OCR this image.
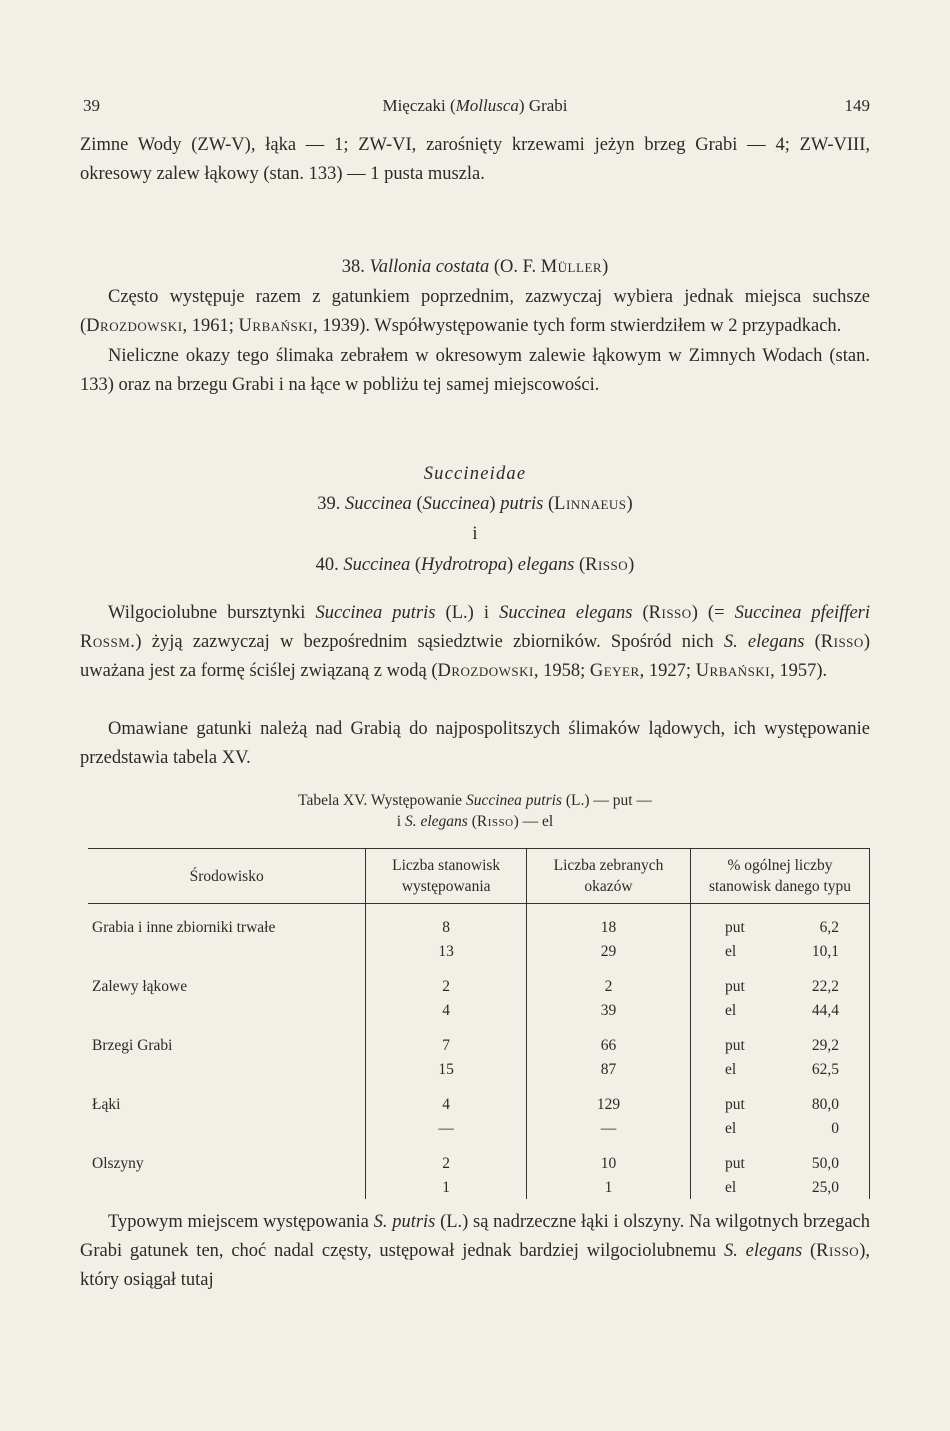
39	Mięczaki (Mollusca) Grabi	149

Zimne Wody (ZW-V), łąka — 1; ZW-VI, zarośnięty krzewami jeżyn brzeg Grabi — 4; ZW-VIII, okresowy zalew łąkowy (stan. 133) — 1 pusta muszla.

38. Vallonia costata (O. F. Müller)

Często występuje razem z gatunkiem poprzednim, zazwyczaj wybiera jednak miejsca suchsze (Drozdowski, 1961; Urbański, 1939). Współwystępowanie tych form stwierdziłem w 2 przypadkach.

Nieliczne okazy tego ślimaka zebrałem w okresowym zalewie łąkowym w Zimnych Wodach (stan. 133) oraz na brzegu Grabi i na łące w pobliżu tej samej miejscowości.

Succineidae

39. Succinea (Succinea) putris (Linnaeus)

i

40. Succinea (Hydrotropa) elegans (Risso)

Wilgociolubne bursztynki Succinea putris (L.) i Succinea elegans (Risso) (= Succinea pfeifferi Rossm.) żyją zazwyczaj w bezpośrednim sąsiedztwie zbiorników. Spośród nich S. elegans (Risso) uważana jest za formę ściślej związaną z wodą (Drozdowski, 1958; Geyer, 1927; Urbański, 1957).

Omawiane gatunki należą nad Grabią do najpospolitszych ślimaków lądowych, ich występowanie przedstawia tabela XV.

Tabela XV. Występowanie Succinea putris (L.) — put —
i S. elegans (Risso) — el
Środowisko	Liczba stanowisk występowania	Liczba zebranych okazów	% ogólnej liczby stanowisk danego typu

Grabia i inne zbiorniki trwałe	8	18	put 6,2

	13	29	el 10,1

Zalewy łąkowe	2	2	put 22,2

	4	39	el 44,4

Brzegi Grabi	7	66	put 29,2

	15	87	el 62,5

Łąki	4	129	put 80,0

	—	—	el 0

Olszyny	2	10	put 50,0

	1	1	el 25,0

Typowym miejscem występowania S. putris (L.) są nadrzeczne łąki i olszyny. Na wilgotnych brzegach Grabi gatunek ten, choć nadal częsty, ustępował jednak bardziej wilgociolubnemu S. elegans (Risso), który osiągał tutaj
